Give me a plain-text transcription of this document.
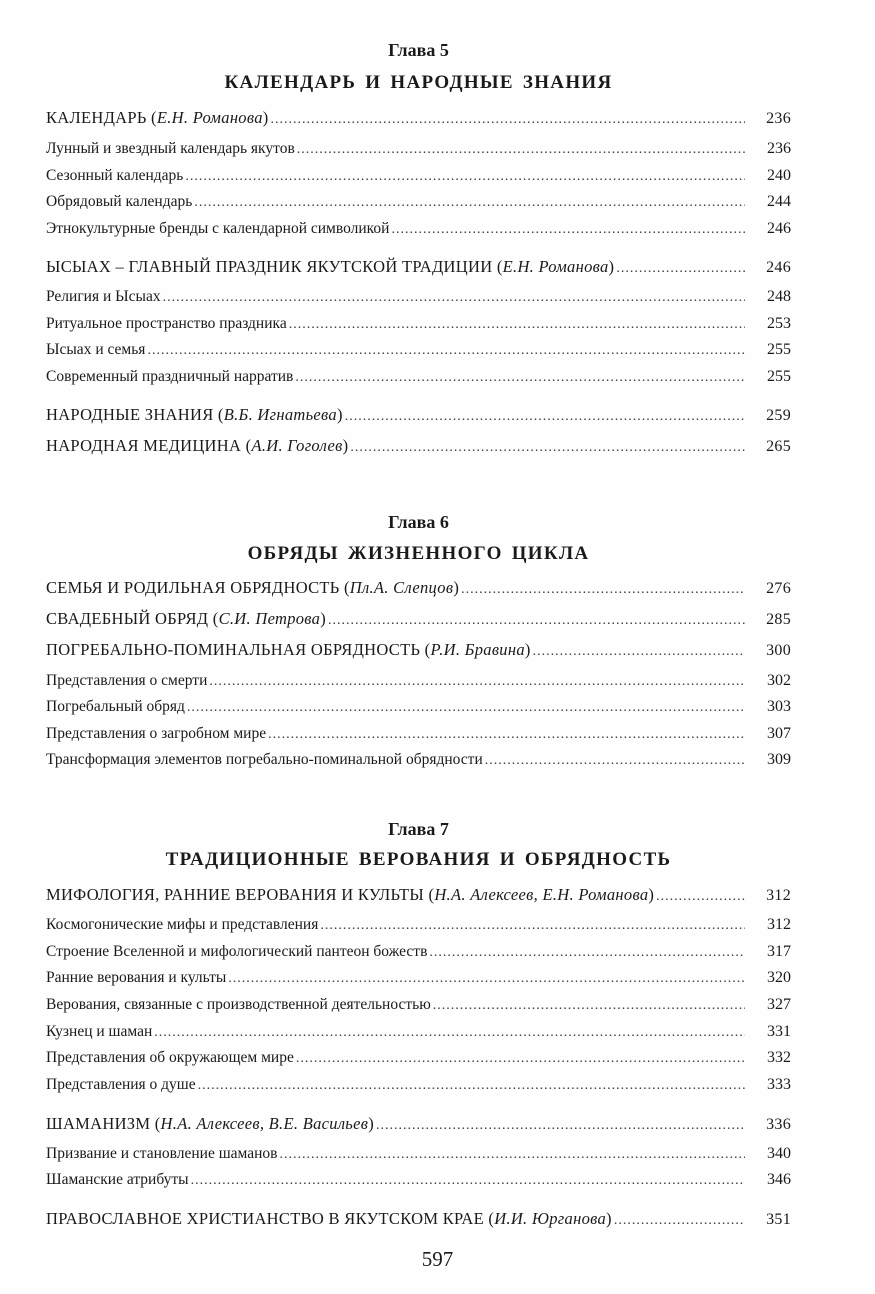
Глава 5
КАЛЕНДАРЬ И НАРОДНЫЕ ЗНАНИЯ
КАЛЕНДАРЬ (Е.Н. Романова) .....	236
Лунный и звездный календарь якутов .....	236
Сезонный календарь .....	240
Обрядовый календарь .....	244
Этнокультурные бренды с календарной символикой .....	246
ЫСЫАХ – ГЛАВНЫЙ ПРАЗДНИК ЯКУТСКОЙ ТРАДИЦИИ (Е.Н. Романова) .....	246
Религия и Ысыах .....	248
Ритуальное пространство праздника .....	253
Ысыах и семья .....	255
Современный праздничный нарратив .....	255
НАРОДНЫЕ ЗНАНИЯ (В.Б. Игнатьева) .....	259
НАРОДНАЯ МЕДИЦИНА (А.И. Гоголев) .....	265
Глава 6
ОБРЯДЫ ЖИЗНЕННОГО ЦИКЛА
СЕМЬЯ И РОДИЛЬНАЯ ОБРЯДНОСТЬ (Пл.А. Слепцов) .....	276
СВАДЕБНЫЙ ОБРЯД (С.И. Петрова) .....	285
ПОГРЕБАЛЬНО-ПОМИНАЛЬНАЯ ОБРЯДНОСТЬ (Р.И. Бравина) .....	300
Представления о смерти .....	302
Погребальный обряд .....	303
Представления о загробном мире .....	307
Трансформация элементов погребально-поминальной обрядности .....	309
Глава 7
ТРАДИЦИОННЫЕ ВЕРОВАНИЯ И ОБРЯДНОСТЬ
МИФОЛОГИЯ, РАННИЕ ВЕРОВАНИЯ И КУЛЬТЫ (Н.А. Алексеев, Е.Н. Романова) .....	312
Космогонические мифы и представления .....	312
Строение Вселенной и мифологический пантеон божеств .....	317
Ранние верования и культы .....	320
Верования, связанные с производственной деятельностью .....	327
Кузнец и шаман .....	331
Представления об окружающем мире .....	332
Представления о душе .....	333
ШАМАНИЗМ (Н.А. Алексеев, В.Е. Васильев) .....	336
Призвание и становление шаманов .....	340
Шаманские атрибуты .....	346
ПРАВОСЛАВНОЕ ХРИСТИАНСТВО В ЯКУТСКОМ КРАЕ (И.И. Юрганова) .....	351
597
